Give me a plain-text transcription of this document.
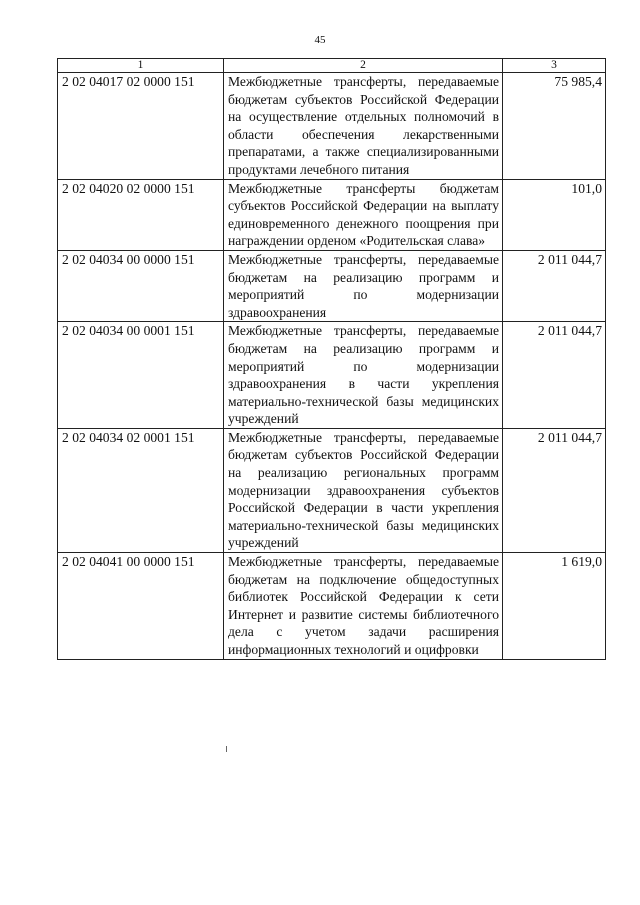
45
1	2	3
2 02 04017 02 0000 151	Межбюджетные трансферты, передаваемые бюджетам субъектов Российской Федерации на осуществление отдельных полномочий в области обеспечения лекарственными препаратами, а также специализированными продуктами лечебного питания	75 985,4
2 02 04020 02 0000 151	Межбюджетные трансферты бюджетам субъектов Российской Федерации на выплату единовременного денежного поощрения при награждении орденом «Родительская слава»	101,0
2 02 04034 00 0000 151	Межбюджетные трансферты, передаваемые бюджетам на реализацию программ и мероприятий по модернизации здравоохранения	2 011 044,7
2 02 04034 00 0001 151	Межбюджетные трансферты, передаваемые бюджетам на реализацию программ и мероприятий по модернизации здравоохранения в части укрепления материально-технической базы медицинских учреждений	2 011 044,7
2 02 04034 02 0001 151	Межбюджетные трансферты, передаваемые бюджетам субъектов Российской Федерации на реализацию региональных программ модернизации здравоохранения субъектов Российской Федерации в части укрепления материально-технической базы медицинских учреждений	2 011 044,7
2 02 04041 00 0000 151	Межбюджетные трансферты, передаваемые бюджетам на подключение общедоступных библиотек Российской Федерации к сети Интернет и развитие системы библиотечного дела с учетом задачи расширения информационных технологий и оцифровки	1 619,0
